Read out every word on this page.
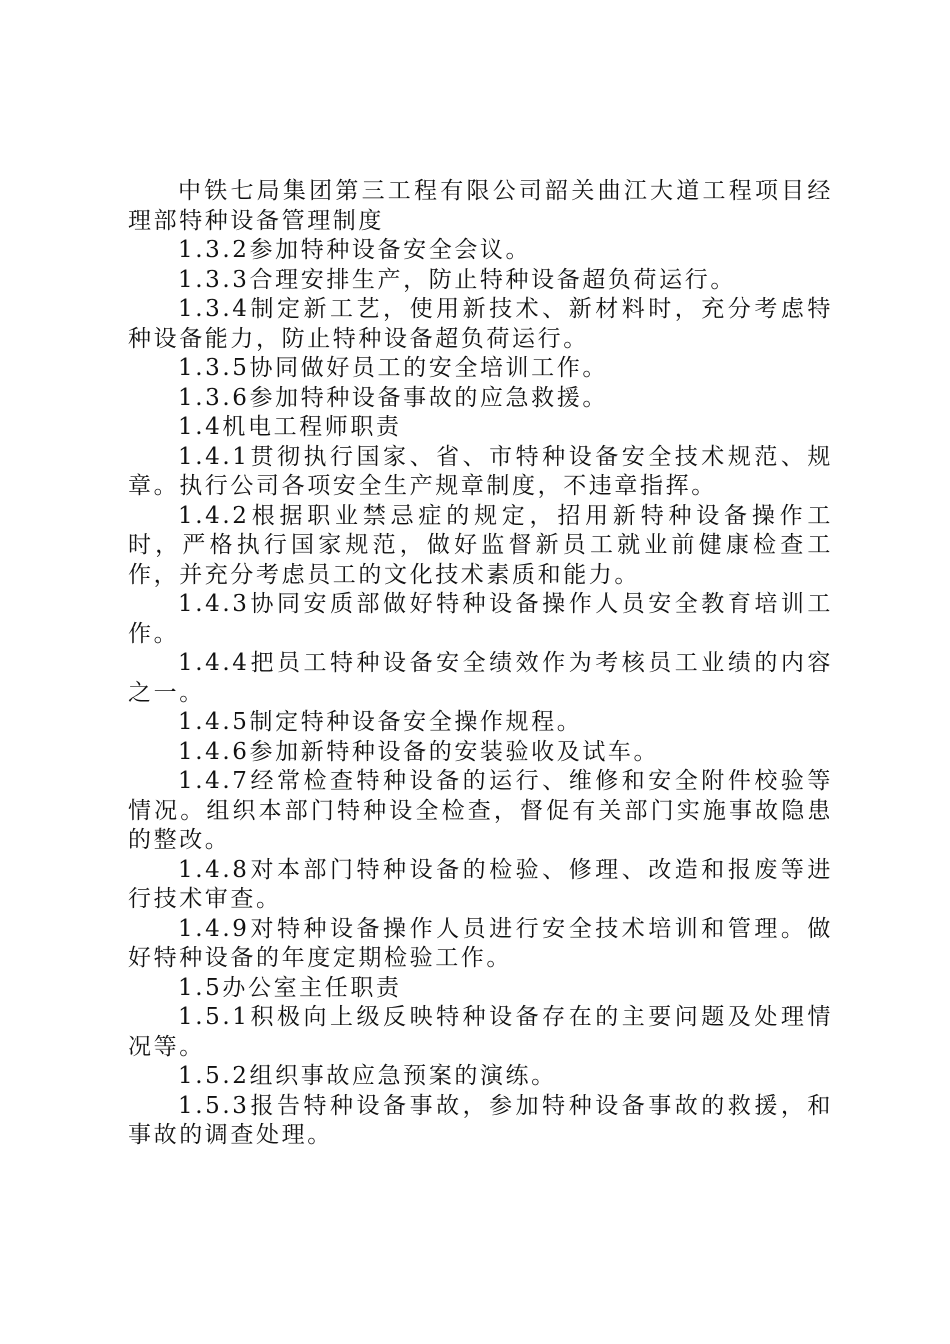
中铁七局集团第三工程有限公司韶关曲江大道工程项目经理部特种设备管理制度

1.3.2参加特种设备安全会议。

1.3.3合理安排生产，防止特种设备超负荷运行。

1.3.4制定新工艺，使用新技术、新材料时，充分考虑特种设备能力，防止特种设备超负荷运行。

1.3.5协同做好员工的安全培训工作。

1.3.6参加特种设备事故的应急救援。

1.4机电工程师职责

1.4.1贯彻执行国家、省、市特种设备安全技术规范、规章。执行公司各项安全生产规章制度，不违章指挥。

1.4.2根据职业禁忌症的规定，招用新特种设备操作工时，严格执行国家规范，做好监督新员工就业前健康检查工作，并充分考虑员工的文化技术素质和能力。

1.4.3协同安质部做好特种设备操作人员安全教育培训工作。

1.4.4把员工特种设备安全绩效作为考核员工业绩的内容之一。

1.4.5制定特种设备安全操作规程。

1.4.6参加新特种设备的安装验收及试车。

1.4.7经常检查特种设备的运行、维修和安全附件校验等情况。组织本部门特种设全检查，督促有关部门实施事故隐患的整改。

1.4.8对本部门特种设备的检验、修理、改造和报废等进行技术审查。

1.4.9对特种设备操作人员进行安全技术培训和管理。做好特种设备的年度定期检验工作。

1.5办公室主任职责

1.5.1积极向上级反映特种设备存在的主要问题及处理情况等。

1.5.2组织事故应急预案的演练。

1.5.3报告特种设备事故，参加特种设备事故的救援，和事故的调查处理。
